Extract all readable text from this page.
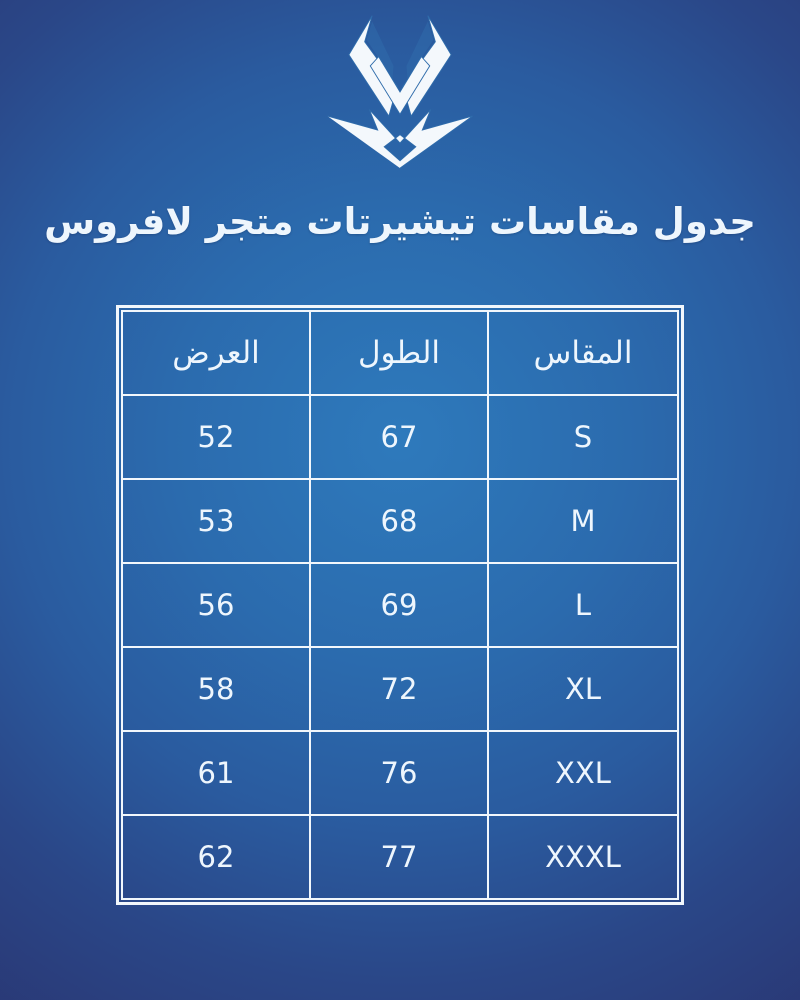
جدول مقاسات تيشيرتات متجر لافروس
المقاس	الطول	العرض
S	67	52
M	68	53
L	69	56
XL	72	58
XXL	76	61
XXXL	77	62
